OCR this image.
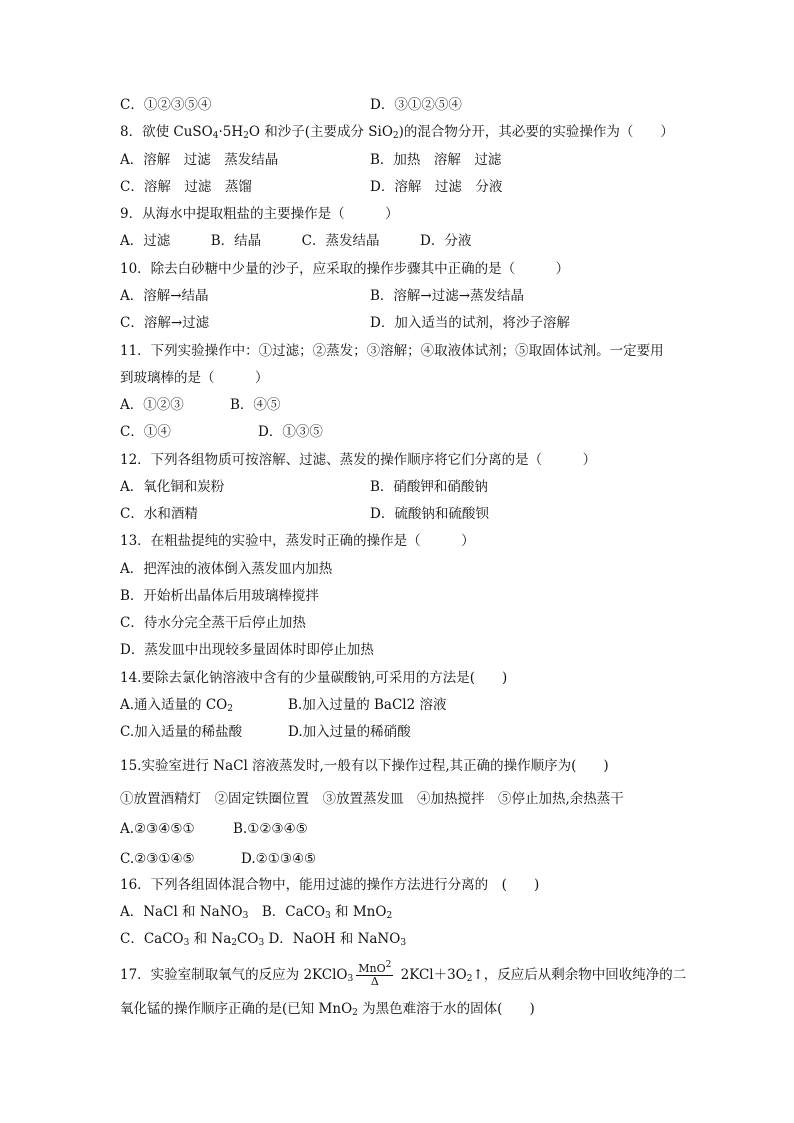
C．①②③⑤④	D．③①②⑤④
8．欲使 $CuSO_4\cdot 5H_2O$ 和沙子(主要成分 SiO$_2$)的混合物分开，其必要的实验操作为（　　）
A．溶解　过滤　蒸发结晶	B．加热　溶解　过滤
C．溶解　过滤　蒸馏	D．溶解　过滤　分液
9．从海水中提取粗盐的主要操作是（　　　）
A．过滤　　　B．结晶　　　C．蒸发结晶　　　D．分液
10．除去白砂糖中少量的沙子，应采取的操作步骤其中正确的是（　　　）
A．溶解→结晶	B．溶解→过滤→蒸发结晶
C．溶解→过滤	D．加入适当的试剂，将沙子溶解
11．下列实验操作中：①过滤；②蒸发；③溶解；④取液体试剂；⑤取固体试剂。一定要用
到玻璃棒的是（　　　）
A．①②③	B．④⑤
C．①④	D．①③⑤
12．下列各组物质可按溶解、过滤、蒸发的操作顺序将它们分离的是（　　　）
A．氧化铜和炭粉	B．硝酸钾和硝酸钠
C．水和酒精	D．硫酸钠和硫酸钡
13．在粗盐提纯的实验中，蒸发时正确的操作是（　　　）
A．把浑浊的液体倒入蒸发皿内加热
B．开始析出晶体后用玻璃棒搅拌
C．待水分完全蒸干后停止加热
D．蒸发皿中出现较多量固体时即停止加热
14.要除去氯化钠溶液中含有的少量碳酸钠,可采用的方法是(　　)
A.通入适量的 $CO_2$	B.加入过量的 BaCl2 溶液
C.加入适量的稀盐酸	D.加入过量的稀硝酸
15.实验室进行 NaCl 溶液蒸发时,一般有以下操作过程,其正确的操作顺序为(　　)
①放置酒精灯　②固定铁圈位置　③放置蒸发皿　④加热搅拌　⑤停止加热,余热蒸干
A.②③④⑤①	B.①②③④⑤
C.②③①④⑤	D.②①③④⑤
16．下列各组固体混合物中，能用过滤的操作方法进行分离的　(　　)
A．NaCl 和 NaNO$_3$　B．CaCO$_3$ 和 MnO$_2$
C．CaCO$_3$ 和 $Na_2CO_3$ D．NaOH 和 NaNO$_3$
17．实验室制取氧气的反应为 2KClO$_3$ $\frac{MnO^2}{\Delta}$ $2KCl+3O_2↑$，反应后从剩余物中回收纯净的二
氧化锰的操作顺序正确的是(已知 MnO$_2$ 为黑色难溶于水的固体(　　)
